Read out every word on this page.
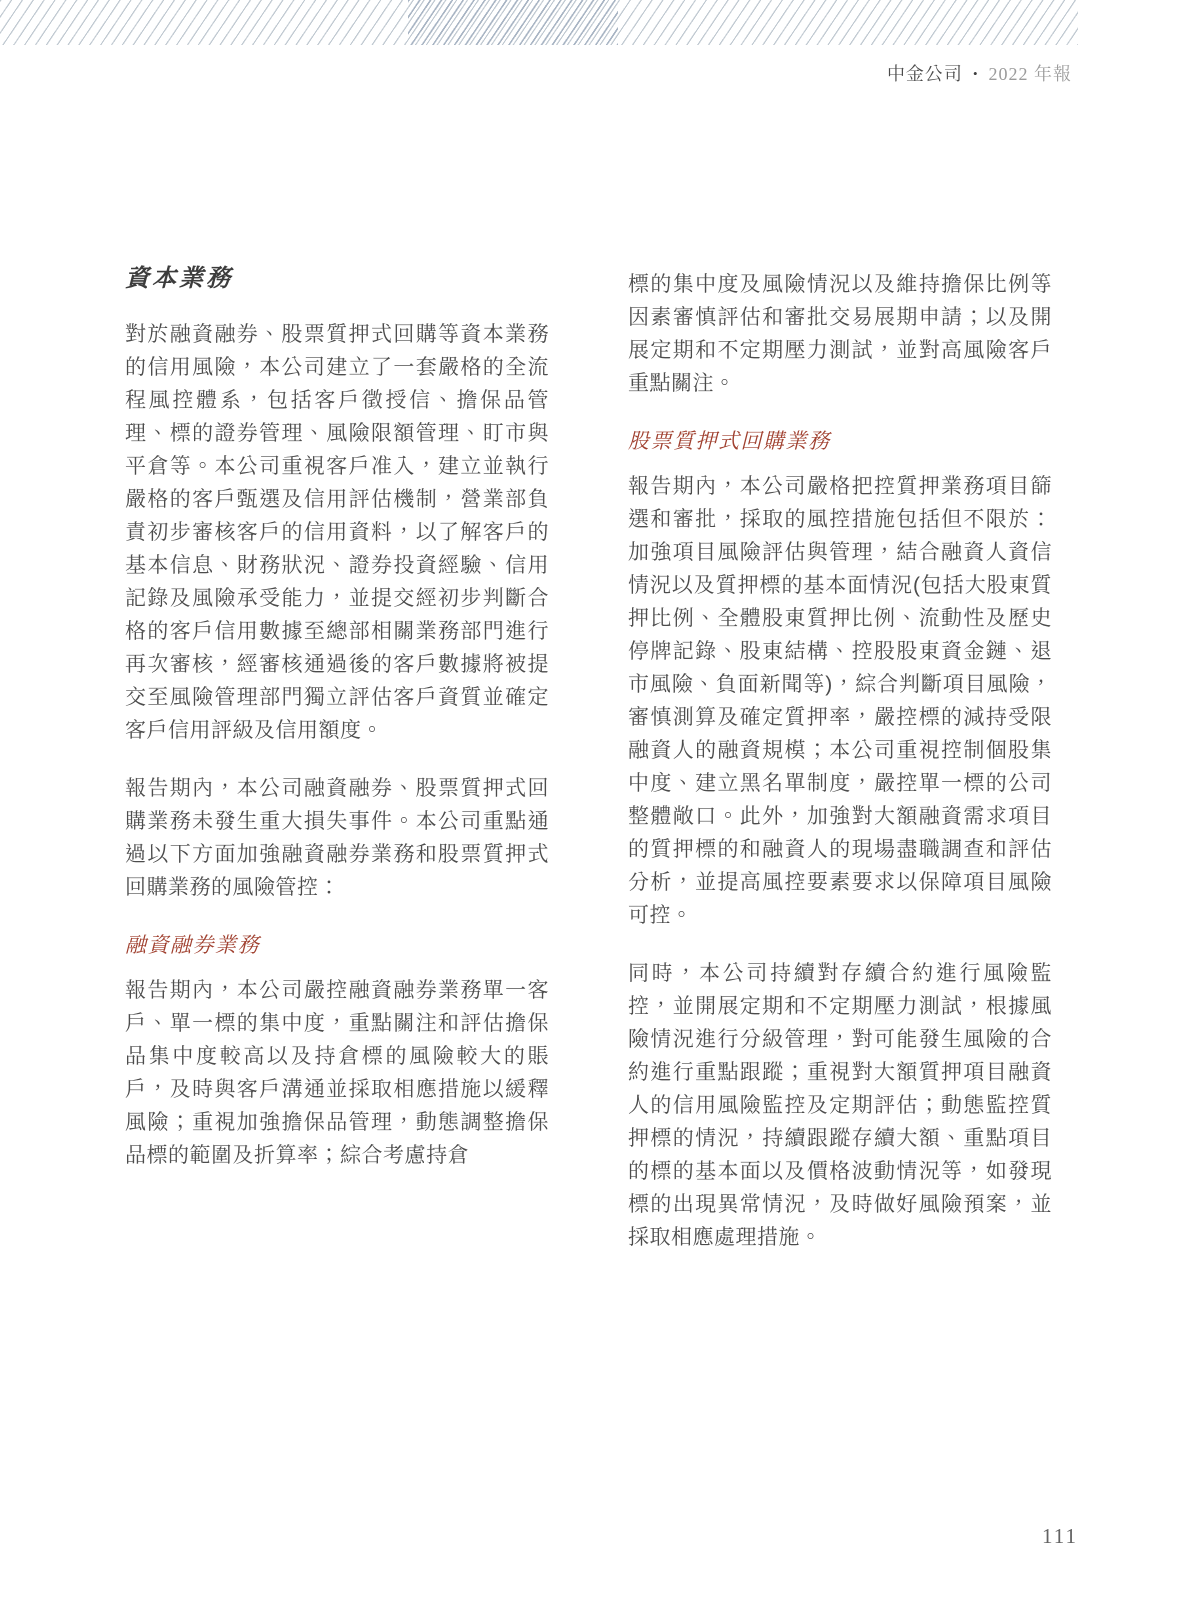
中金公司 • 2022 年報
資本業務

對於融資融券、股票質押式回購等資本業務的信用風險，本公司建立了一套嚴格的全流程風控體系，包括客戶徵授信、擔保品管理、標的證券管理、風險限額管理、盯市與平倉等。本公司重視客戶准入，建立並執行嚴格的客戶甄選及信用評估機制，營業部負責初步審核客戶的信用資料，以了解客戶的基本信息、財務狀況、證券投資經驗、信用記錄及風險承受能力，並提交經初步判斷合格的客戶信用數據至總部相關業務部門進行再次審核，經審核通過後的客戶數據將被提交至風險管理部門獨立評估客戶資質並確定客戶信用評級及信用額度。

報告期內，本公司融資融券、股票質押式回購業務未發生重大損失事件。本公司重點通過以下方面加強融資融券業務和股票質押式回購業務的風險管控：

融資融券業務

報告期內，本公司嚴控融資融券業務單一客戶、單一標的集中度，重點關注和評估擔保品集中度較高以及持倉標的風險較大的賬戶，及時與客戶溝通並採取相應措施以緩釋風險；重視加強擔保品管理，動態調整擔保品標的範圍及折算率；綜合考慮持倉

標的集中度及風險情況以及維持擔保比例等因素審慎評估和審批交易展期申請；以及開展定期和不定期壓力測試，並對高風險客戶重點關注。

股票質押式回購業務

報告期內，本公司嚴格把控質押業務項目篩選和審批，採取的風控措施包括但不限於：加強項目風險評估與管理，結合融資人資信情況以及質押標的基本面情況(包括大股東質押比例、全體股東質押比例、流動性及歷史停牌記錄、股東結構、控股股東資金鏈、退市風險、負面新聞等)，綜合判斷項目風險，審慎測算及確定質押率，嚴控標的減持受限融資人的融資規模；本公司重視控制個股集中度、建立黑名單制度，嚴控單一標的公司整體敞口。此外，加強對大額融資需求項目的質押標的和融資人的現場盡職調查和評估分析，並提高風控要素要求以保障項目風險可控。

同時，本公司持續對存續合約進行風險監控，並開展定期和不定期壓力測試，根據風險情況進行分級管理，對可能發生風險的合約進行重點跟蹤；重視對大額質押項目融資人的信用風險監控及定期評估；動態監控質押標的情況，持續跟蹤存續大額、重點項目的標的基本面以及價格波動情況等，如發現標的出現異常情況，及時做好風險預案，並採取相應處理措施。

111
